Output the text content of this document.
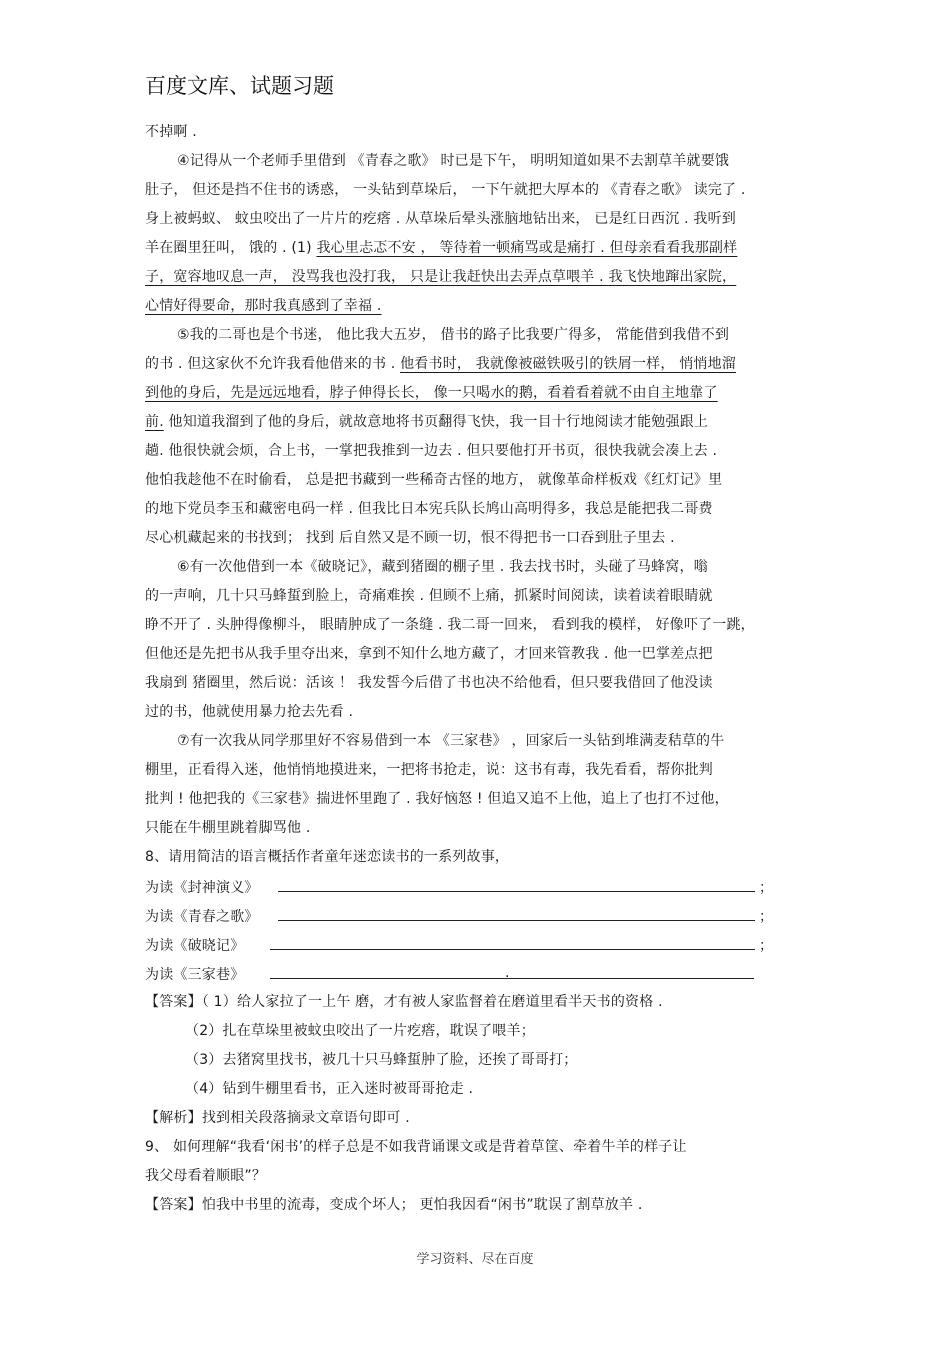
百度文库、试题习题
不掉啊 .
④记得从一个老师手里借到 《青春之歌》 时已是下午， 明明知道如果不去割草羊就要饿
肚子， 但还是挡不住书的诱惑， 一头钻到草垛后， 一下午就把大厚本的 《青春之歌》 读完了 .
身上被蚂蚁、 蚊虫咬出了一片片的疙瘩 . 从草垛后晕头涨脑地钻出来， 已是红日西沉 . 我听到
羊在圈里狂叫， 饿的 . (1) 我心里忐忑不安 ， 等待着一顿痛骂或是痛打 . 但母亲看看我那副样
子，宽容地叹息一声， 没骂我也没打我， 只是让我赶快出去弄点草喂羊 . 我飞快地蹿出家院，
心情好得要命，那时我真感到了幸福 .
⑤我的二哥也是个书迷， 他比我大五岁， 借书的路子比我要广得多， 常能借到我借不到
的书 . 但这家伙不允许我看他借来的书 . 他看书时， 我就像被磁铁吸引的铁屑一样， 悄悄地溜
到他的身后，先是远远地看，脖子伸得长长， 像一只喝水的鹅，看着看着就不由自主地靠了
前. 他知道我溜到了他的身后，就故意地将书页翻得飞快，我一目十行地阅读才能勉强跟上
趟. 他很快就会烦，合上书，一掌把我推到一边去 . 但只要他打开书页，很快我就会凑上去 .
他怕我趁他不在时偷看， 总是把书藏到一些稀奇古怪的地方， 就像革命样板戏《红灯记》里
的地下党员李玉和藏密电码一样 . 但我比日本宪兵队长鸠山高明得多，我总是能把我二哥费
尽心机藏起来的书找到； 找到 后自然又是不顾一切，恨不得把书一口吞到肚子里去 .
⑥有一次他借到一本《破晓记》，藏到猪圈的棚子里 . 我去找书时，头碰了马蜂窝，嗡
的一声响，几十只马蜂蜇到脸上，奇痛难挨 . 但顾不上痛，抓紧时间阅读，读着读着眼睛就
睁不开了 . 头肿得像柳斗， 眼睛肿成了一条缝 . 我二哥一回来， 看到我的模样， 好像吓了一跳，
但他还是先把书从我手里夺出来，拿到不知什么地方藏了，才回来管教我 . 他一巴掌差点把
我扇到 猪圈里，然后说：活该 ！ 我发誓今后借了书也决不给他看，但只要我借回了他没读
过的书，他就使用暴力抢去先看 .
⑦有一次我从同学那里好不容易借到一本 《三家巷》 ，回家后一头钻到堆满麦秸草的牛
棚里，正看得入迷，他悄悄地摸进来，一把将书抢走，说：这书有毒，我先看看，帮你批判
批判 ! 他把我的《三家巷》揣进怀里跑了 . 我好恼怒 ! 但追又追不上他，追上了也打不过他，
只能在牛棚里跳着脚骂他 .
8、请用简洁的语言概括作者童年迷恋读书的一系列故事，
为读《封神演义》	；
为读《青春之歌》	；
为读《破晓记》	；
为读《三家巷》	.
【答案】（ 1）给人家拉了一上午 磨，才有被人家监督着在磨道里看半天书的资格 .
（2）扎在草垛里被蚊虫咬出了一片疙瘩，耽误了喂羊；
（3）去猪窝里找书，被几十只马蜂蜇肿了脸，还挨了哥哥打；
（4）钻到牛棚里看书，正入迷时被哥哥抢走 .
【解析】找到相关段落摘录文章语句即可 .
9、 如何理解“我看‘闲书’的样子总是不如我背诵课文或是背着草筐、牵着牛羊的样子让
我父母看着顺眼”？
【答案】怕我中书里的流毒，变成个坏人； 更怕我因看“闲书”耽误了割草放羊 .
学习资料、尽在百度
